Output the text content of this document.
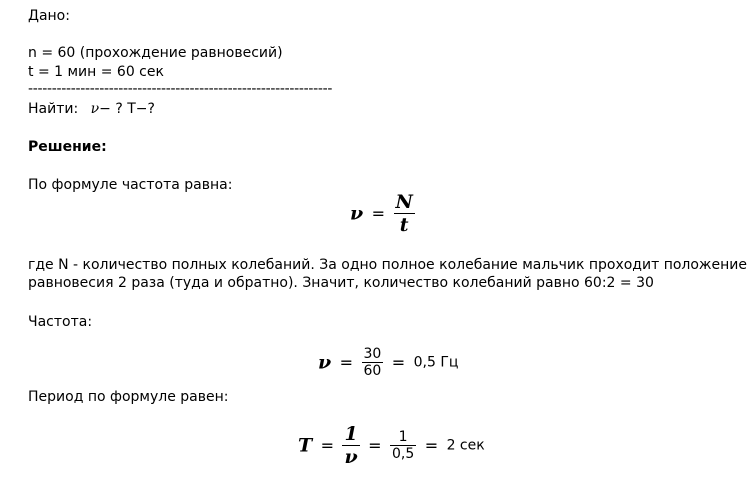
Дано:
n = 60 (прохождение равновесий)
t = 1 мин = 60 сек
----------------------------------------------------------------
Найти: ν− ? T−?
Решение:
По формуле частота равна:
$\nu = \frac{N}{t}$
где N - количество полных колебаний. За одно полное колебание мальчик проходит положение
равновесия 2 раза (туда и обратно). Значит, количество колебаний равно 60:2 = 30
Частота:
$\nu = \frac{30}{60} = 0,5$ Гц
Период по формуле равен:
$T = \frac{1}{\nu} = \frac{1}{0,5} = 2$ сек
